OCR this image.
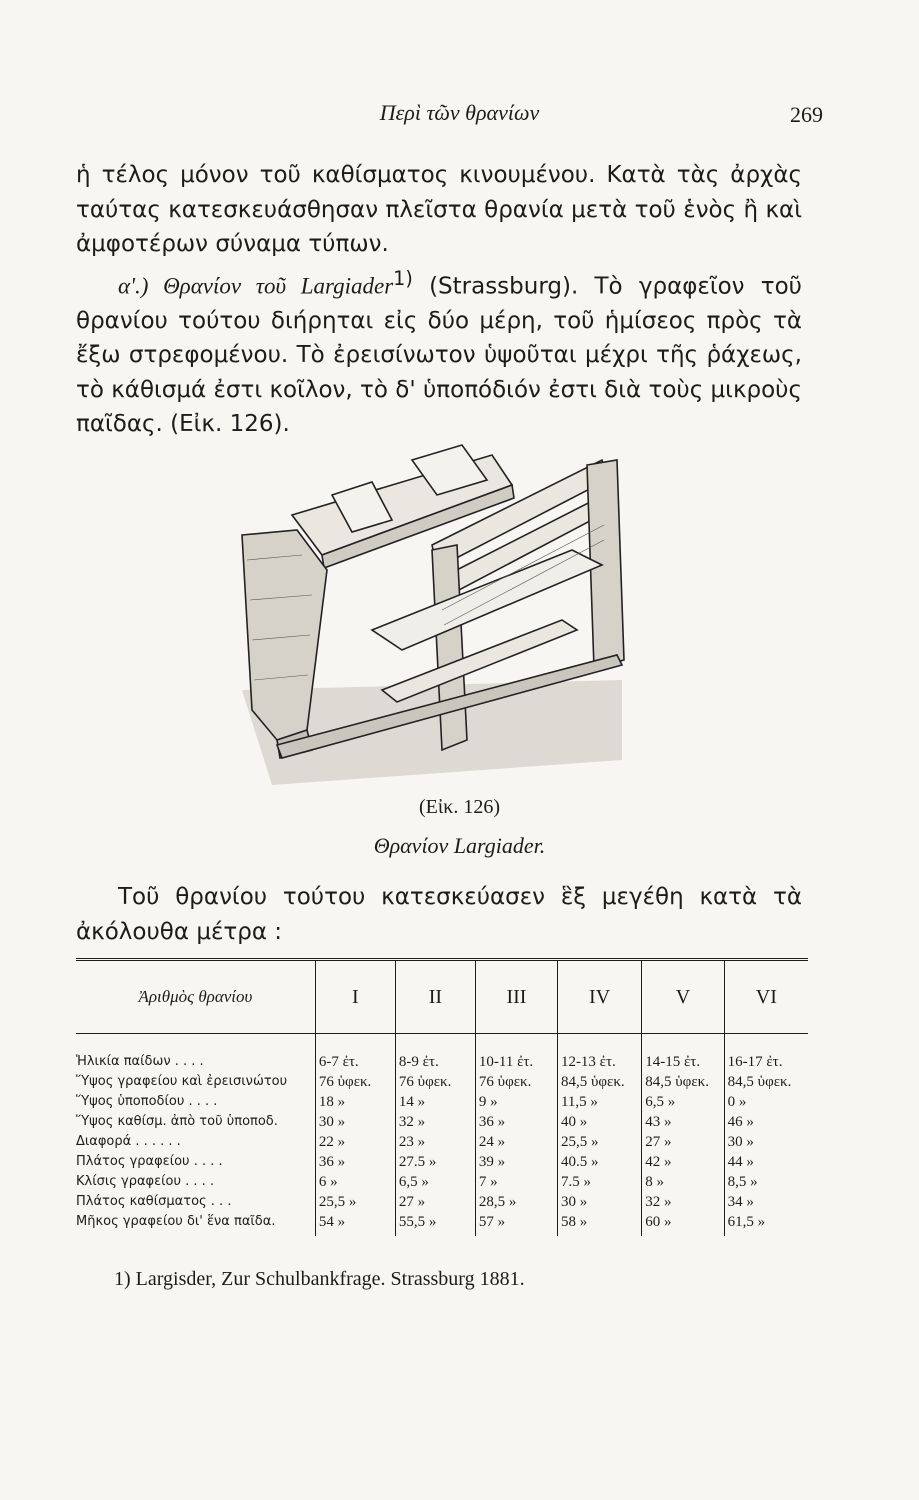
Περὶ τῶν θρανίων	269

ἡ τέλος μόνον τοῦ καθίσματος κινουμένου. Κατὰ τὰς ἀρχὰς ταύτας κατεσκευάσθησαν πλεῖστα θρανία μετὰ τοῦ ἑνὸς ἢ καὶ ἀμφοτέρων σύναμα τύπων.

α'.) Θρανίον τοῦ Largiader$^{1)}$ (Strassburg). Τὸ γραφεῖον τοῦ θρανίου τούτου διήρηται εἰς δύο μέρη, τοῦ ἡμίσεος πρὸς τὰ ἔξω στρεφομένου. Τὸ ἐρεισίνωτον ὑψοῦται μέχρι τῆς ῥάχεως, τὸ κάθισμά ἐστι κοῖλον, τὸ δ' ὑποπόδιόν ἐστι διὰ τοὺς μικροὺς παῖδας. (Εἰκ. 126).

(Εἰκ. 126)
Θρανίον Largiader.
Τοῦ θρανίου τούτου κατεσκεύασεν ἓξ μεγέθη κατὰ τὰ ἀκόλουθα μέτρα :
Ἀριθμὸς θρανίου	I	II	III	IV	V	VI
Ἡλικία παίδων . . . .	6-7 ἐτ.	8-9 ἐτ.	10-11 ἐτ.	12-13 ἐτ.	14-15 ἐτ.	16-17 ἐτ.
Ὕψος γραφείου καὶ ἐρεισινώτου	76 ὑφεκ.	76 ὑφεκ.	76 ὑφεκ.	84,5 ὑφεκ.	84,5 ὑφεκ.	84,5 ὑφεκ.
Ὕψος ὑποποδίου . . . .	18 »	14 »	9 »	11,5 »	6,5 »	0 »
Ὕψος καθίσμ. ἀπὸ τοῦ ὑποποδ.	30 »	32 »	36 »	40 »	43 »	46 »
Διαφορά . . . . . .	22 »	23 »	24 »	25,5 »	27 »	30 »
Πλάτος γραφείου . . . .	36 »	27.5 »	39 »	40.5 »	42 »	44 »
Κλίσις γραφείου . . . .	6 »	6,5 »	7 »	7.5 »	8 »	8,5 »
Πλάτος καθίσματος . . .	25,5 »	27 »	28,5 »	30 »	32 »	34 »
Μῆκος γραφείου δι' ἕνα παῖδα.	54 »	55,5 »	57 »	58 »	60 »	61,5 »
1) Largisder, Zur Schulbankfrage. Strassburg 1881.
